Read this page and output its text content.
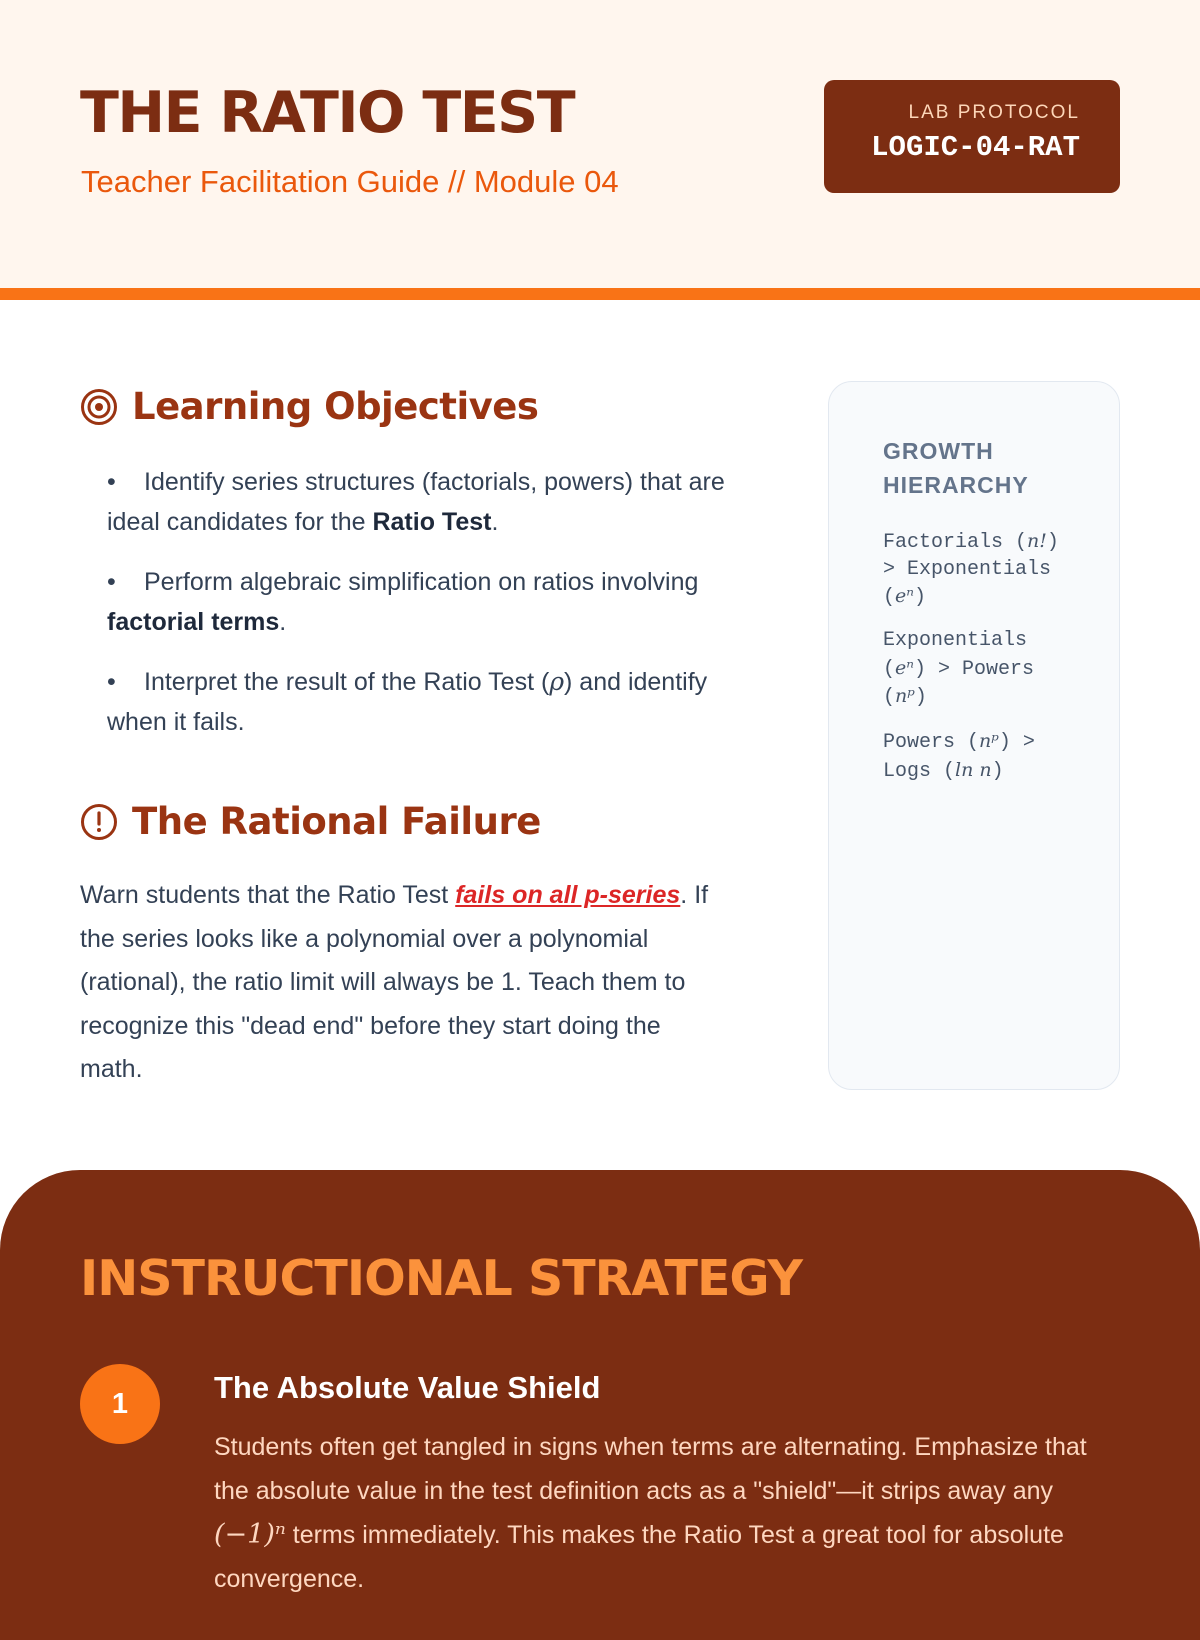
THE RATIO TEST
Teacher Facilitation Guide // Module 04
LAB PROTOCOL
LOGIC-04-RAT
Learning Objectives
• Identify series structures (factorials, powers) that are ideal candidates for the Ratio Test.
• Perform algebraic simplification on ratios involving factorial terms.
• Interpret the result of the Ratio Test (ρ) and identify when it fails.
The Rational Failure

Warn students that the Ratio Test fails on all p-series. If the series looks like a polynomial over a polynomial (rational), the ratio limit will always be 1. Teach them to recognize this "dead end" before they start doing the math.

GROWTH HIERARCHY
Factorials (n!) > Exponentials (eⁿ)
Exponentials (eⁿ) > Powers (nᵖ)
Powers (nᵖ) > Logs (ln n)
INSTRUCTIONAL STRATEGY
1	The Absolute Value Shield

Students often get tangled in signs when terms are alternating. Emphasize that the absolute value in the test definition acts as a "shield"—it strips away any (−1)ⁿ terms immediately. This makes the Ratio Test a great tool for absolute convergence.
